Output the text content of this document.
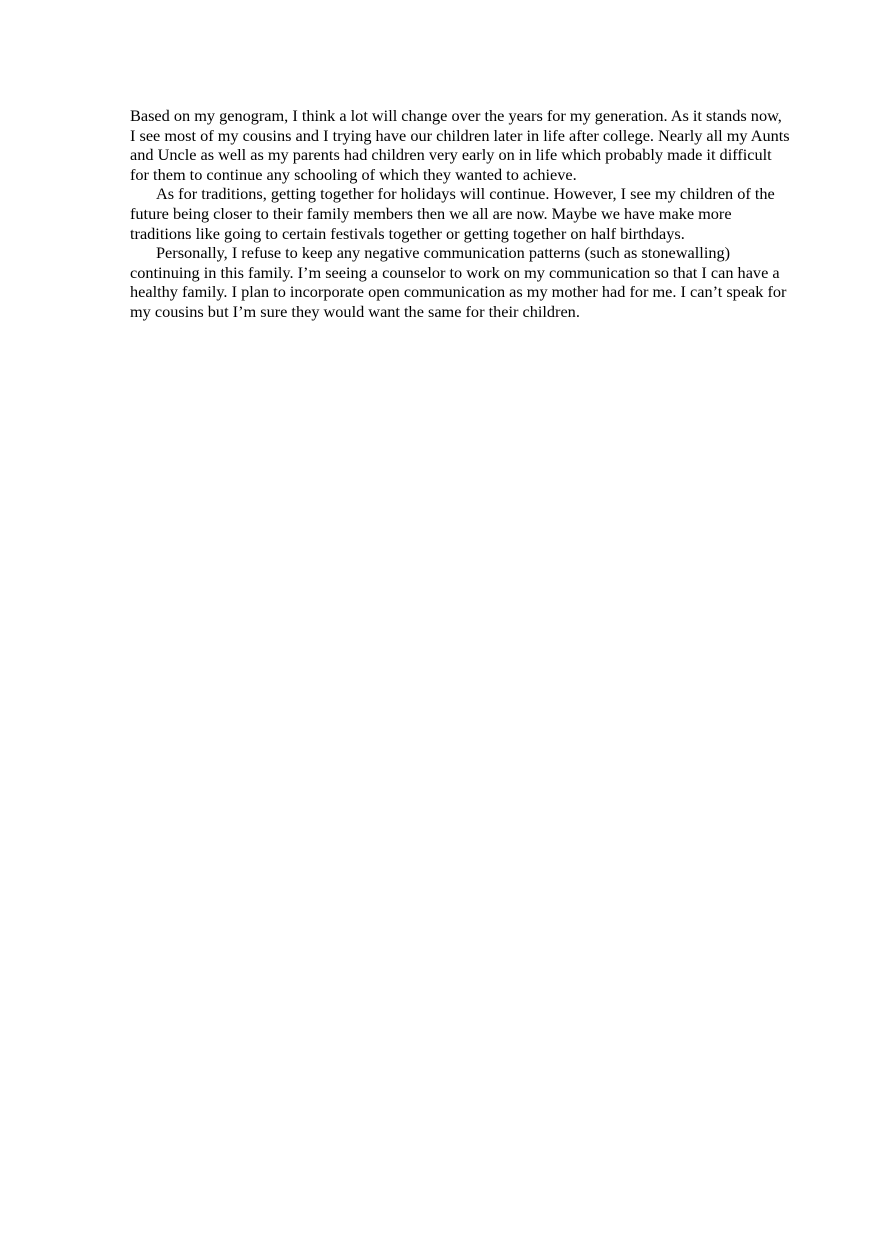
Based on my genogram, I think a lot will change over the years for my generation. As it stands now, I see most of my cousins and I trying have our children later in life after college. Nearly all my Aunts and Uncle as well as my parents had children very early on in life which probably made it difficult for them to continue any schooling of which they wanted to achieve.

As for traditions, getting together for holidays will continue. However, I see my children of the future being closer to their family members then we all are now. Maybe we have make more traditions like going to certain festivals together or getting together on half birthdays.

Personally, I refuse to keep any negative communication patterns (such as stonewalling) continuing in this family. I’m seeing a counselor to work on my communication so that I can have a healthy family. I plan to incorporate open communication as my mother had for me. I can’t speak for my cousins but I’m sure they would want the same for their children.
